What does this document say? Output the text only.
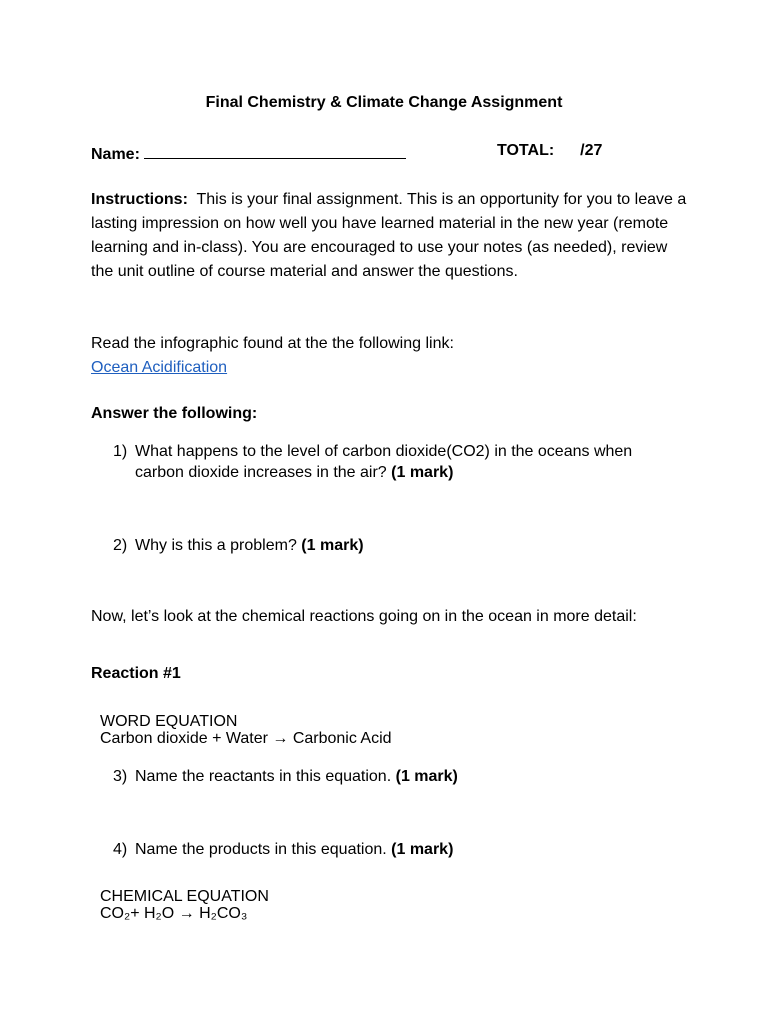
Final Chemistry & Climate Change Assignment
Name:	TOTAL: /27
Instructions: This is your final assignment. This is an opportunity for you to leave a lasting impression on how well you have learned material in the new year (remote learning and in-class). You are encouraged to use your notes (as needed), review the unit outline of course material and answer the questions.
Read the infographic found at the the following link:
Ocean Acidification
Answer the following:
1) What happens to the level of carbon dioxide(CO2) in the oceans when carbon dioxide increases in the air? (1 mark)
2) Why is this a problem? (1 mark)
Now, let’s look at the chemical reactions going on in the ocean in more detail:
Reaction #1
WORD EQUATION
Carbon dioxide + Water → Carbonic Acid
3) Name the reactants in this equation. (1 mark)
4) Name the products in this equation. (1 mark)
CHEMICAL EQUATION
CO₂+ H₂O → H₂CO₃
